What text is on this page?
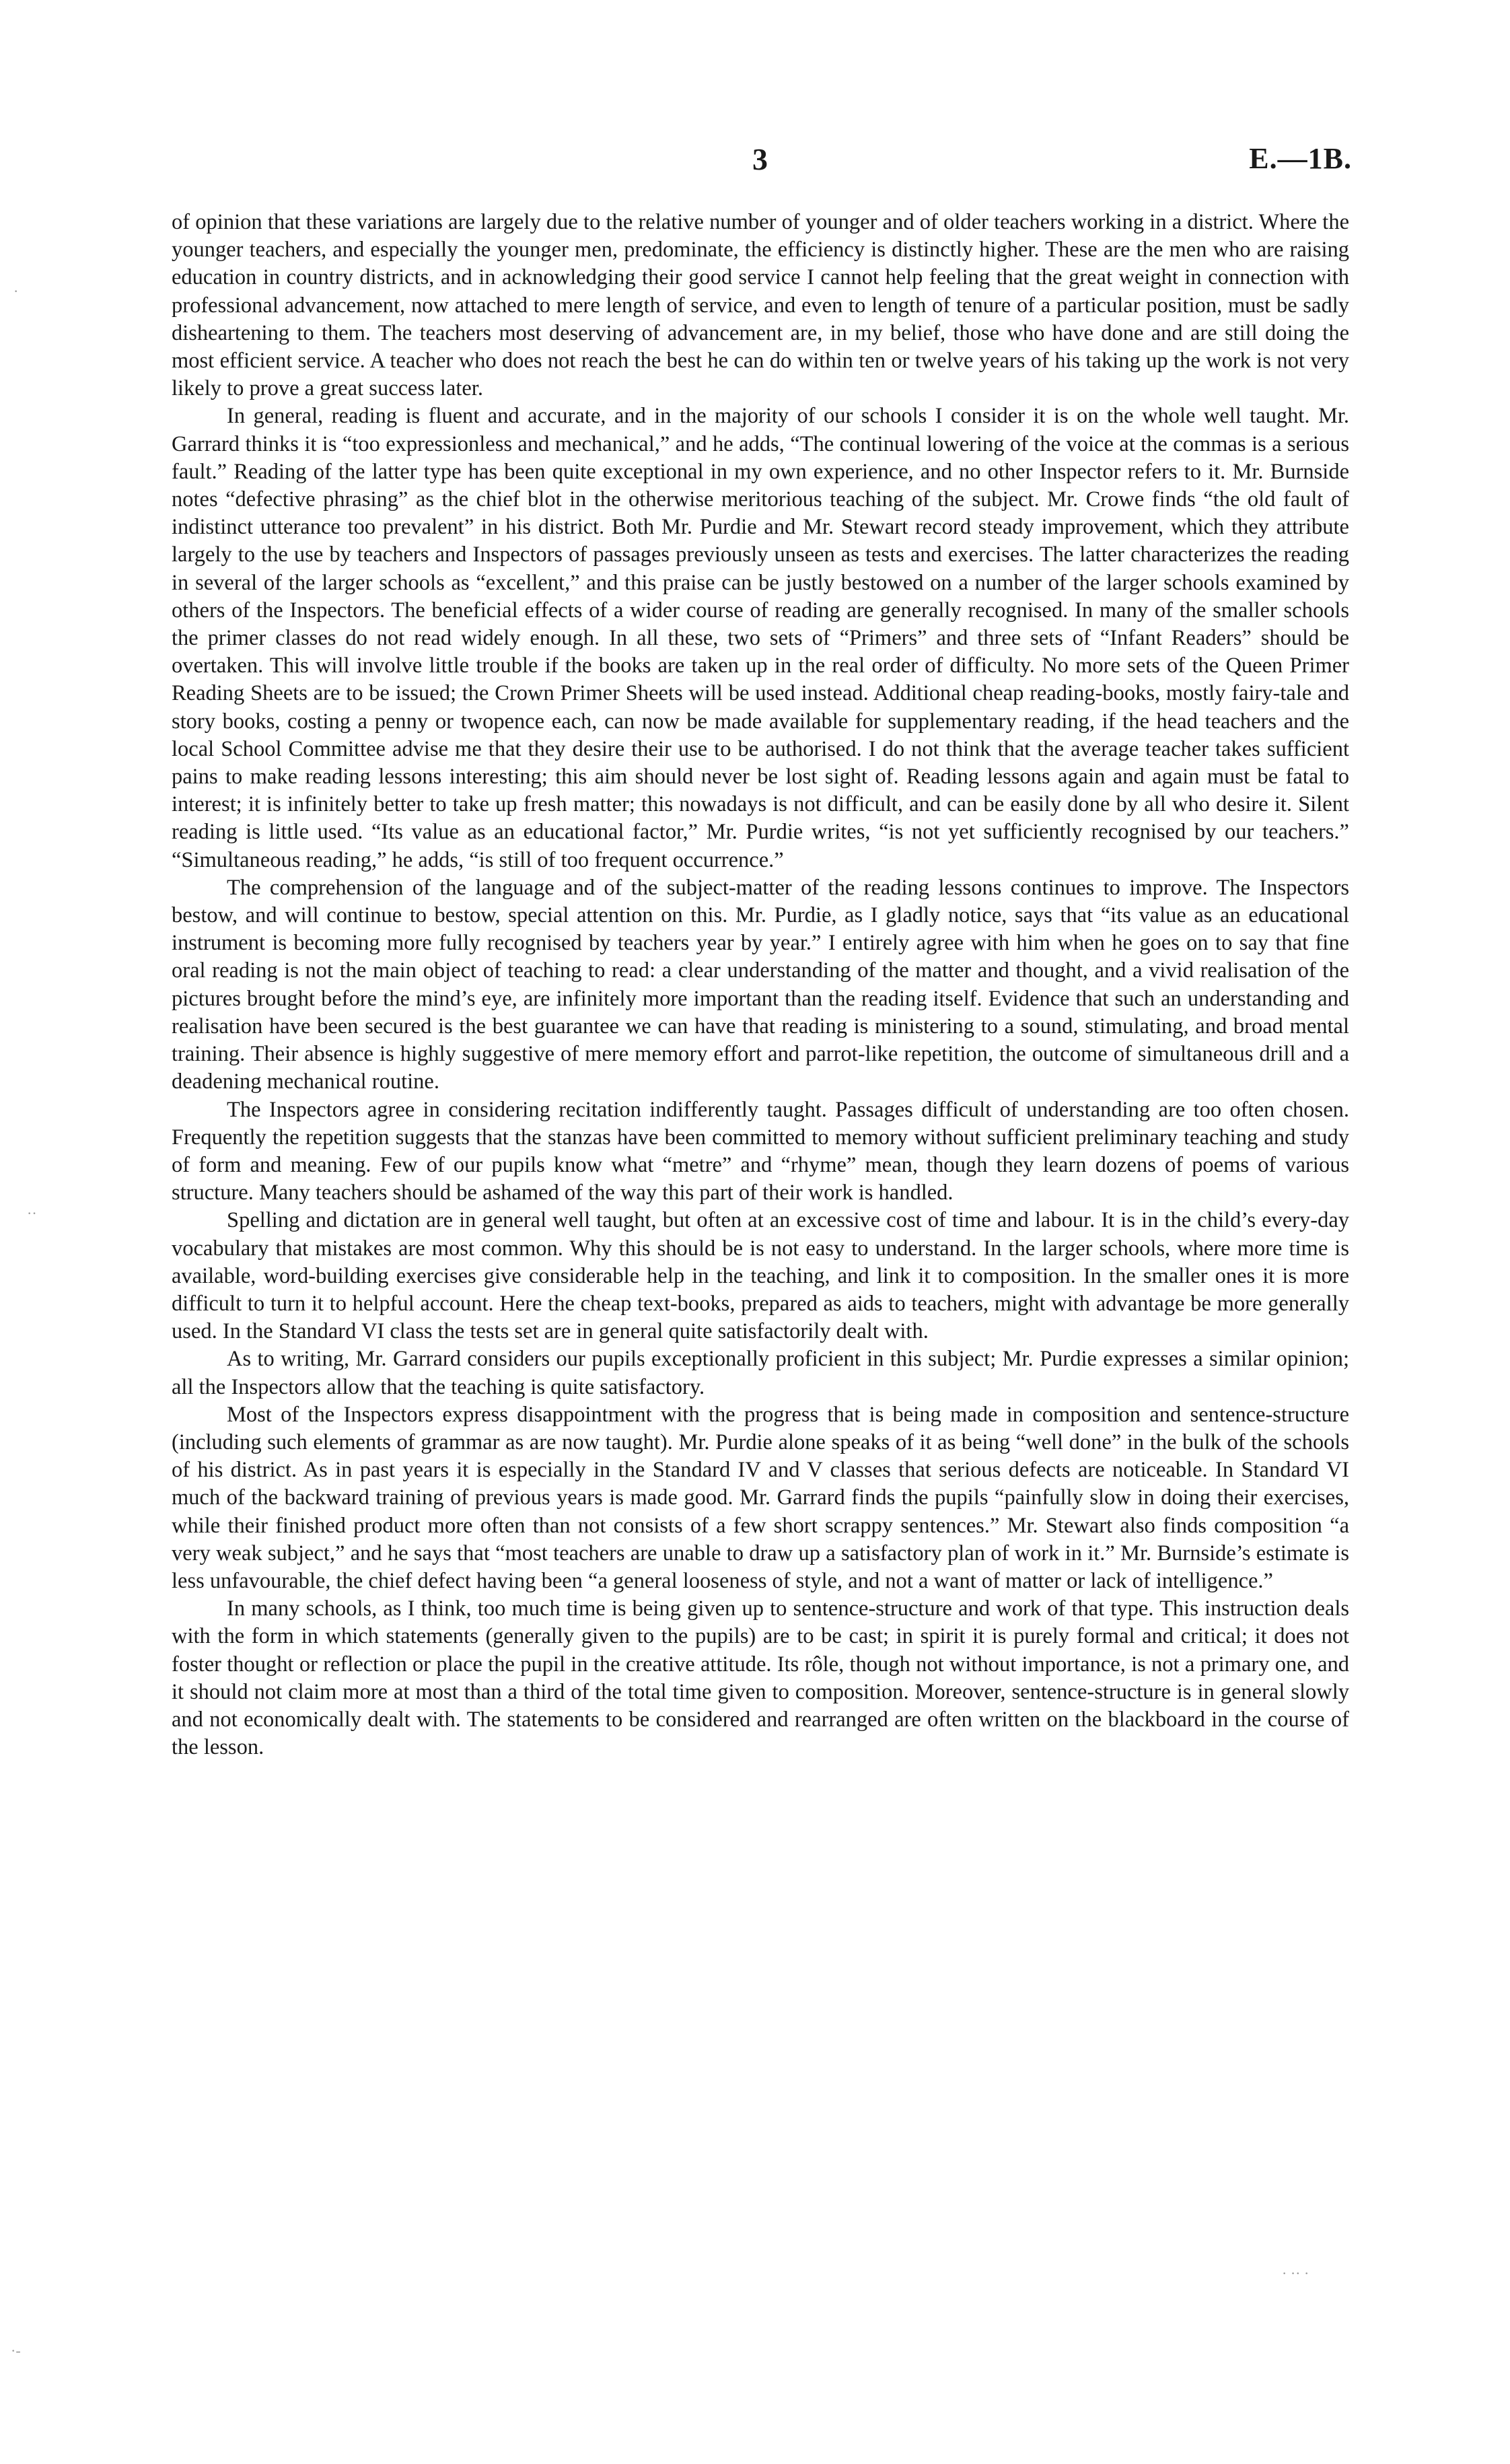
3	E.—1B.

of opinion that these variations are largely due to the relative number of younger and of older teachers working in a district. Where the younger teachers, and especially the younger men, predominate, the efficiency is distinctly higher. These are the men who are raising education in country districts, and in acknowledging their good service I cannot help feeling that the great weight in connection with professional advancement, now attached to mere length of service, and even to length of tenure of a particular position, must be sadly disheartening to them. The teachers most deserving of advancement are, in my belief, those who have done and are still doing the most efficient service. A teacher who does not reach the best he can do within ten or twelve years of his taking up the work is not very likely to prove a great success later.

In general, reading is fluent and accurate, and in the majority of our schools I consider it is on the whole well taught. Mr. Garrard thinks it is “too expressionless and mechanical,” and he adds, “The continual lowering of the voice at the commas is a serious fault.” Reading of the latter type has been quite exceptional in my own experience, and no other Inspector refers to it. Mr. Burnside notes “defective phrasing” as the chief blot in the otherwise meritorious teaching of the subject. Mr. Crowe finds “the old fault of indistinct utterance too prevalent” in his district. Both Mr. Purdie and Mr. Stewart record steady improvement, which they attribute largely to the use by teachers and Inspectors of passages previously unseen as tests and exercises. The latter characterizes the reading in several of the larger schools as “excellent,” and this praise can be justly bestowed on a number of the larger schools examined by others of the Inspectors. The beneficial effects of a wider course of reading are generally recognised. In many of the smaller schools the primer classes do not read widely enough. In all these, two sets of “Primers” and three sets of “Infant Readers” should be overtaken. This will involve little trouble if the books are taken up in the real order of difficulty. No more sets of the Queen Primer Reading Sheets are to be issued; the Crown Primer Sheets will be used instead. Additional cheap reading-books, mostly fairy-tale and story books, costing a penny or twopence each, can now be made available for supplementary reading, if the head teachers and the local School Committee advise me that they desire their use to be authorised. I do not think that the average teacher takes sufficient pains to make reading lessons interesting; this aim should never be lost sight of. Reading lessons again and again must be fatal to interest; it is infinitely better to take up fresh matter; this nowadays is not difficult, and can be easily done by all who desire it. Silent reading is little used. “Its value as an educational factor,” Mr. Purdie writes, “is not yet sufficiently recognised by our teachers.” “Simultaneous reading,” he adds, “is still of too frequent occurrence.”

The comprehension of the language and of the subject-matter of the reading lessons continues to improve. The Inspectors bestow, and will continue to bestow, special attention on this. Mr. Purdie, as I gladly notice, says that “its value as an educational instrument is becoming more fully recognised by teachers year by year.” I entirely agree with him when he goes on to say that fine oral reading is not the main object of teaching to read: a clear understanding of the matter and thought, and a vivid realisation of the pictures brought before the mind’s eye, are infinitely more important than the reading itself. Evidence that such an understanding and realisation have been secured is the best guarantee we can have that reading is ministering to a sound, stimulating, and broad mental training. Their absence is highly suggestive of mere memory effort and parrot-like repetition, the outcome of simultaneous drill and a deadening mechanical routine.

The Inspectors agree in considering recitation indifferently taught. Passages difficult of understanding are too often chosen. Frequently the repetition suggests that the stanzas have been committed to memory without sufficient preliminary teaching and study of form and meaning. Few of our pupils know what “metre” and “rhyme” mean, though they learn dozens of poems of various structure. Many teachers should be ashamed of the way this part of their work is handled.

Spelling and dictation are in general well taught, but often at an excessive cost of time and labour. It is in the child’s every-day vocabulary that mistakes are most common. Why this should be is not easy to understand. In the larger schools, where more time is available, word-building exercises give considerable help in the teaching, and link it to composition. In the smaller ones it is more difficult to turn it to helpful account. Here the cheap text-books, prepared as aids to teachers, might with advantage be more generally used. In the Standard VI class the tests set are in general quite satisfactorily dealt with.

As to writing, Mr. Garrard considers our pupils exceptionally proficient in this subject; Mr. Purdie expresses a similar opinion; all the Inspectors allow that the teaching is quite satisfactory.

Most of the Inspectors express disappointment with the progress that is being made in composition and sentence-structure (including such elements of grammar as are now taught). Mr. Purdie alone speaks of it as being “well done” in the bulk of the schools of his district. As in past years it is especially in the Standard IV and V classes that serious defects are noticeable. In Standard VI much of the backward training of previous years is made good. Mr. Garrard finds the pupils “painfully slow in doing their exercises, while their finished product more often than not consists of a few short scrappy sentences.” Mr. Stewart also finds composition “a very weak subject,” and he says that “most teachers are unable to draw up a satisfactory plan of work in it.” Mr. Burnside’s estimate is less unfavourable, the chief defect having been “a general looseness of style, and not a want of matter or lack of intelligence.”

In many schools, as I think, too much time is being given up to sentence-structure and work of that type. This instruction deals with the form in which statements (generally given to the pupils) are to be cast; in spirit it is purely formal and critical; it does not foster thought or reflection or place the pupil in the creative attitude. Its rôle, though not without importance, is not a primary one, and it should not claim more at most than a third of the total time given to composition. Moreover, sentence-structure is in general slowly and not economically dealt with. The statements to be considered and rearranged are often written on the blackboard in the course of the lesson.

·
··
·-
· ·· ·
